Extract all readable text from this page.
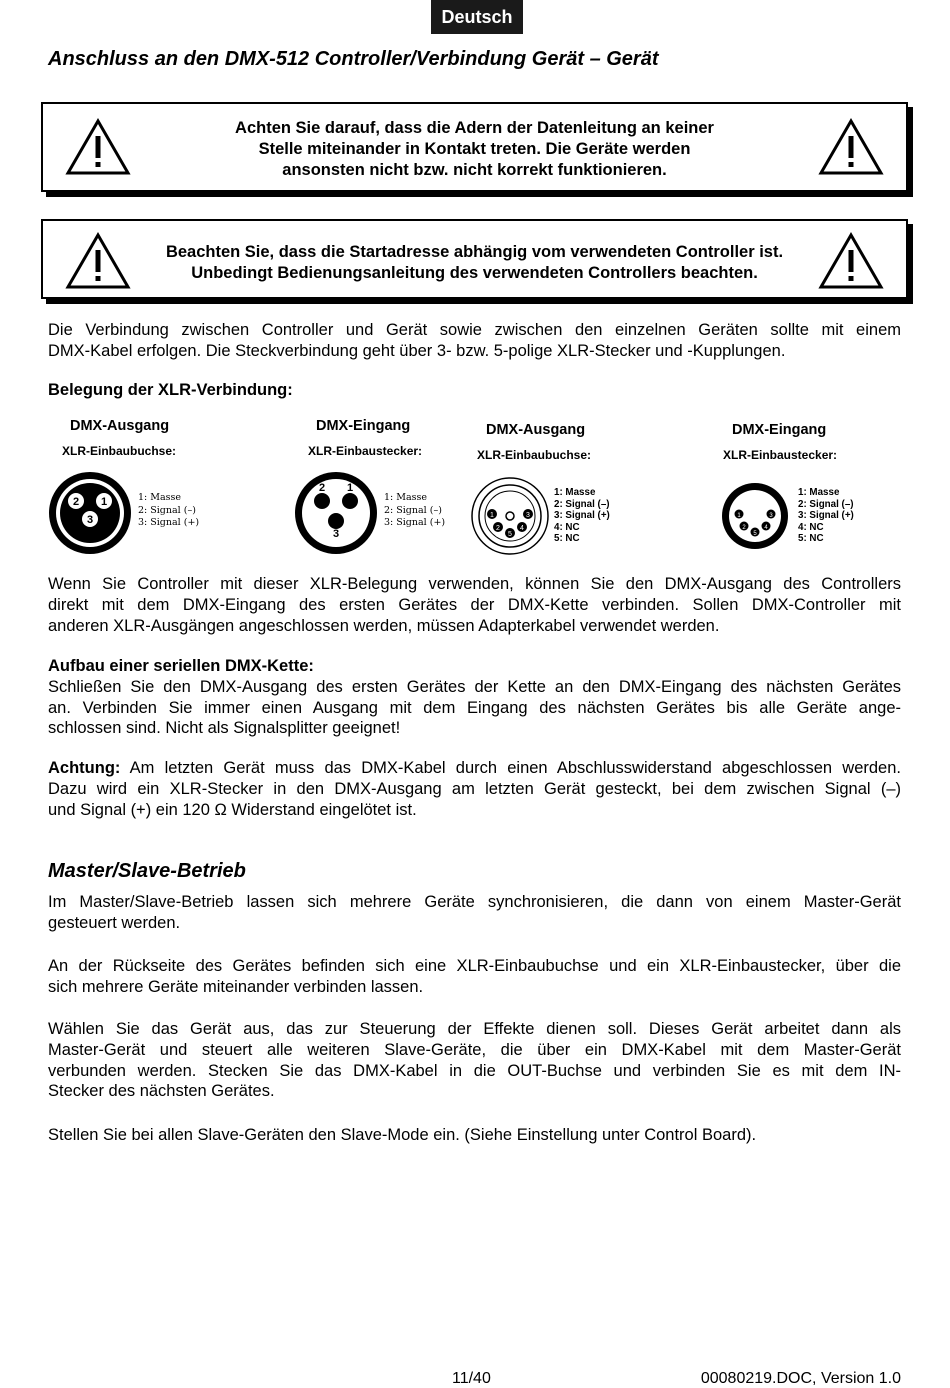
Deutsch
Anschluss an den DMX-512 Controller/Verbindung Gerät – Gerät
Achten Sie darauf, dass die Adern der Datenleitung an keiner
Stelle miteinander in Kontakt treten. Die Geräte werden
ansonsten nicht bzw. nicht korrekt funktionieren.
Beachten Sie, dass die Startadresse abhängig vom verwendeten Controller ist.
Unbedingt Bedienungsanleitung des verwendeten Controllers beachten.
Die Verbindung zwischen Controller und Gerät sowie zwischen den einzelnen Geräten sollte mit einem
DMX-Kabel erfolgen. Die Steckverbindung geht über 3- bzw. 5-polige XLR-Stecker und -Kupplungen.
Belegung der XLR-Verbindung:
DMX-Ausgang
XLR-Einbaubuchse:
2 1
3
1: Masse
2: Signal (–)
3: Signal (+)
DMX-Eingang
XLR-Einbaustecker:
2 1
3
1: Masse
2: Signal (–)
3: Signal (+)
DMX-Ausgang
XLR-Einbaubuchse:
1	3
2	4
5
1: Masse
2: Signal (–)
3: Signal (+)
4: NC
5: NC
DMX-Eingang
XLR-Einbaustecker:
1	3
2	4
5
1: Masse
2: Signal (–)
3: Signal (+)
4: NC
5: NC
Wenn Sie Controller mit dieser XLR-Belegung verwenden, können Sie den DMX-Ausgang des Controllers
direkt mit dem DMX-Eingang des ersten Gerätes der DMX-Kette verbinden. Sollen DMX-Controller mit
anderen XLR-Ausgängen angeschlossen werden, müssen Adapterkabel verwendet werden.
Aufbau einer seriellen DMX-Kette:
Schließen Sie den DMX-Ausgang des ersten Gerätes der Kette an den DMX-Eingang des nächsten Gerätes
an. Verbinden Sie immer einen Ausgang mit dem Eingang des nächsten Gerätes bis alle Geräte ange-
schlossen sind. Nicht als Signalsplitter geeignet!
Achtung: Am letzten Gerät muss das DMX-Kabel durch einen Abschlusswiderstand abgeschlossen werden.
Dazu wird ein XLR-Stecker in den DMX-Ausgang am letzten Gerät gesteckt, bei dem zwischen Signal (–)
und Signal (+) ein 120 Ω Widerstand eingelötet ist.
Master/Slave-Betrieb
Im Master/Slave-Betrieb lassen sich mehrere Geräte synchronisieren, die dann von einem Master-Gerät
gesteuert werden.
An der Rückseite des Gerätes befinden sich eine XLR-Einbaubuchse und ein XLR-Einbaustecker, über die
sich mehrere Geräte miteinander verbinden lassen.
Wählen Sie das Gerät aus, das zur Steuerung der Effekte dienen soll. Dieses Gerät arbeitet dann als
Master-Gerät und steuert alle weiteren Slave-Geräte, die über ein DMX-Kabel mit dem Master-Gerät
verbunden werden. Stecken Sie das DMX-Kabel in die OUT-Buchse und verbinden Sie es mit dem IN-
Stecker des nächsten Gerätes.
Stellen Sie bei allen Slave-Geräten den Slave-Mode ein. (Siehe Einstellung unter Control Board).
11/40	00080219.DOC, Version 1.0
